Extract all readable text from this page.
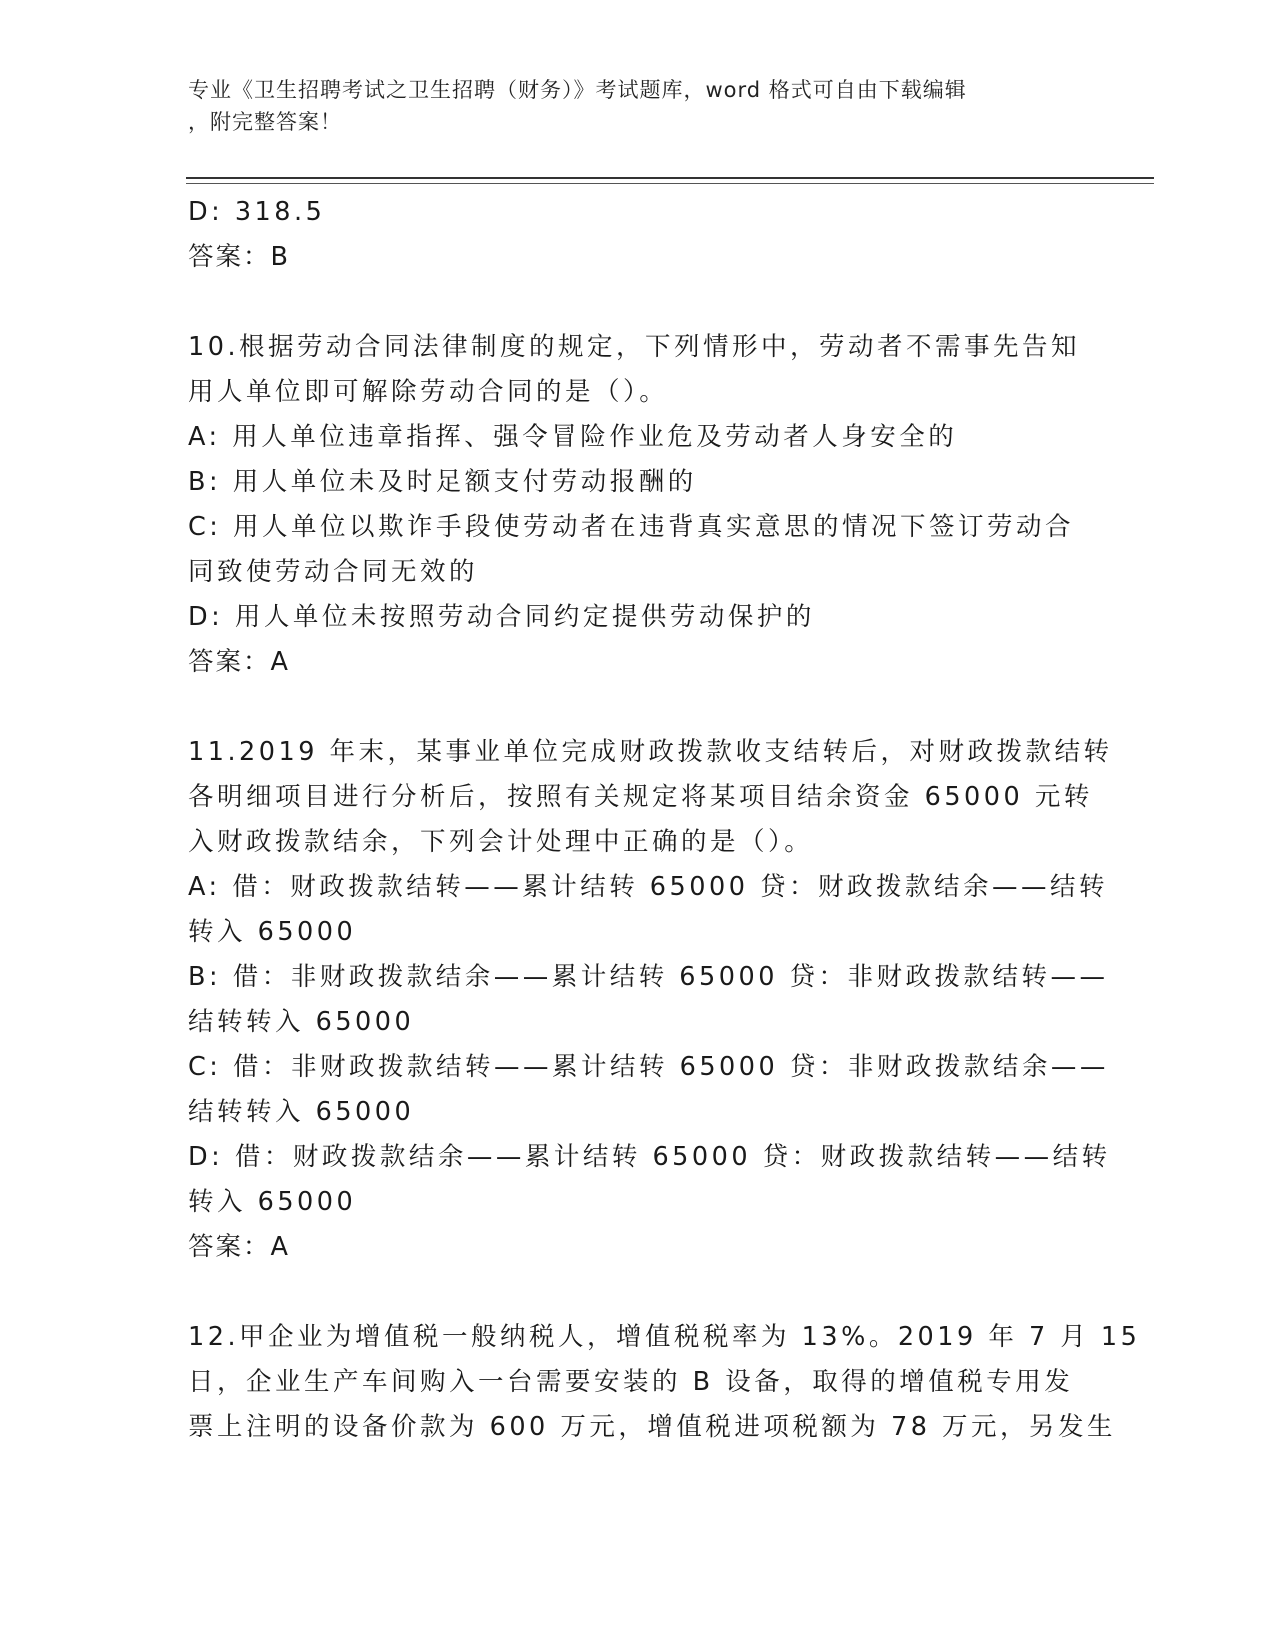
专业《卫生招聘考试之卫生招聘（财务）》考试题库，word 格式可自由下载编辑
，附完整答案！
D: 318.5
答案：B
10.根据劳动合同法律制度的规定，下列情形中，劳动者不需事先告知
用人单位即可解除劳动合同的是（）。
A: 用人单位违章指挥、强令冒险作业危及劳动者人身安全的
B: 用人单位未及时足额支付劳动报酬的
C: 用人单位以欺诈手段使劳动者在违背真实意思的情况下签订劳动合
同致使劳动合同无效的
D: 用人单位未按照劳动合同约定提供劳动保护的
答案：A
11.2019 年末，某事业单位完成财政拨款收支结转后，对财政拨款结转
各明细项目进行分析后，按照有关规定将某项目结余资金 65000 元转
入财政拨款结余，下列会计处理中正确的是（）。
A: 借：财政拨款结转——累计结转 65000 贷：财政拨款结余——结转
转入 65000
B: 借：非财政拨款结余——累计结转 65000 贷：非财政拨款结转——
结转转入 65000
C: 借：非财政拨款结转——累计结转 65000 贷：非财政拨款结余——
结转转入 65000
D: 借：财政拨款结余——累计结转 65000 贷：财政拨款结转——结转
转入 65000
答案：A
12.甲企业为增值税一般纳税人，增值税税率为 13%。2019 年 7 月 15
日，企业生产车间购入一台需要安装的 B 设备，取得的增值税专用发
票上注明的设备价款为 600 万元，增值税进项税额为 78 万元，另发生
